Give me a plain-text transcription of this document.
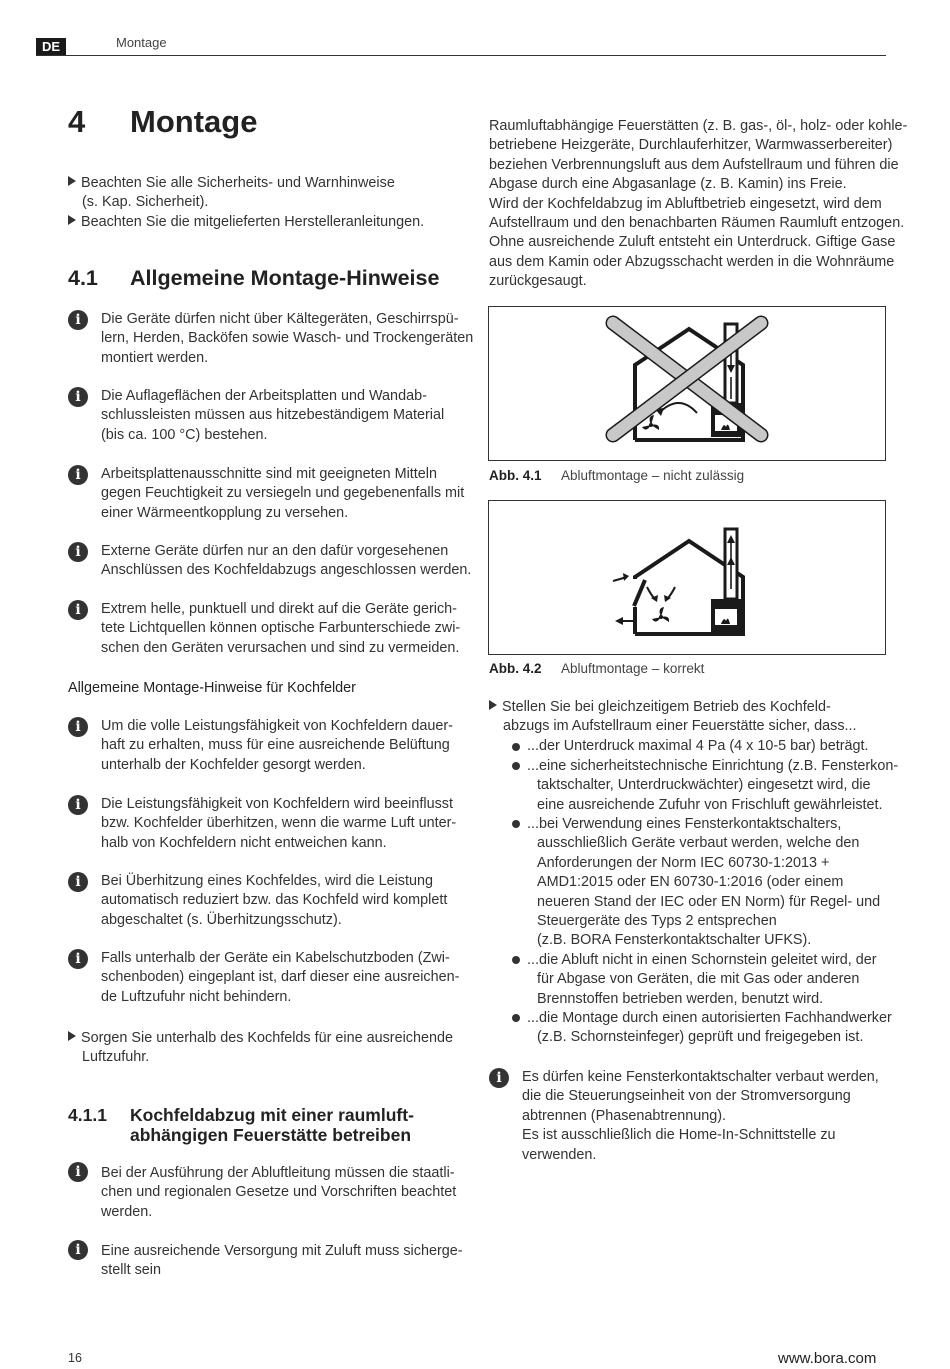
DE	Montage
4 Montage
Beachten Sie alle Sicherheits- und Warnhinweise
(s. Kap. Sicherheit).
Beachten Sie die mitgelieferten Herstelleranleitungen.
4.1 Allgemeine Montage-Hinweise
i	Die Geräte dürfen nicht über Kältegeräten, Geschirrspü-
lern, Herden, Backöfen sowie Wasch- und Trockengeräten
montiert werden.
i	Die Auflageflächen der Arbeitsplatten und Wandab-
schlussleisten müssen aus hitzebeständigem Material
(bis ca. 100 °C) bestehen.
i	Arbeitsplattenausschnitte sind mit geeigneten Mitteln
gegen Feuchtigkeit zu versiegeln und gegebenenfalls mit
einer Wärmeentkopplung zu versehen.
i	Externe Geräte dürfen nur an den dafür vorgesehenen
Anschlüssen des Kochfeldabzugs angeschlossen werden.
i	Extrem helle, punktuell und direkt auf die Geräte gerich-
tete Lichtquellen können optische Farbunterschiede zwi-
schen den Geräten verursachen und sind zu vermeiden.
Allgemeine Montage-Hinweise für Kochfelder
i	Um die volle Leistungsfähigkeit von Kochfeldern dauer-
haft zu erhalten, muss für eine ausreichende Belüftung
unterhalb der Kochfelder gesorgt werden.
i	Die Leistungsfähigkeit von Kochfeldern wird beeinflusst
bzw. Kochfelder überhitzen, wenn die warme Luft unter-
halb von Kochfeldern nicht entweichen kann.
i	Bei Überhitzung eines Kochfeldes, wird die Leistung
automatisch reduziert bzw. das Kochfeld wird komplett
abgeschaltet (s. Überhitzungsschutz).
i	Falls unterhalb der Geräte ein Kabelschutzboden (Zwi-
schenboden) eingeplant ist, darf dieser eine ausreichen-
de Luftzufuhr nicht behindern.
Sorgen Sie unterhalb des Kochfelds für eine ausreichende
Luftzufuhr.
4.1.1 Kochfeldabzug mit einer raumluft-
abhängigen Feuerstätte betreiben
i	Bei der Ausführung der Abluftleitung müssen die staatli-
chen und regionalen Gesetze und Vorschriften beachtet
werden.
i	Eine ausreichende Versorgung mit Zuluft muss sicherge-
stellt sein
Raumluftabhängige Feuerstätten (z. B. gas-, öl-, holz- oder kohle-
betriebene Heizgeräte, Durchlauferhitzer, Warmwasserbereiter)
beziehen Verbrennungsluft aus dem Aufstellraum und führen die
Abgase durch eine Abgasanlage (z. B. Kamin) ins Freie.
Wird der Kochfeldabzug im Abluftbetrieb eingesetzt, wird dem
Aufstellraum und den benachbarten Räumen Raumluft entzogen.
Ohne ausreichende Zuluft entsteht ein Unterdruck. Giftige Gase
aus dem Kamin oder Abzugsschacht werden in die Wohnräume
zurückgesaugt.
Abb. 4.1 Abluftmontage – nicht zulässig
Abb. 4.2 Abluftmontage – korrekt
Stellen Sie bei gleichzeitigem Betrieb des Kochfeld-
abzugs im Aufstellraum einer Feuerstätte sicher, dass...
...der Unterdruck maximal 4 Pa (4 x 10-5 bar) beträgt.
...eine sicherheitstechnische Einrichtung (z.B. Fensterkon-
taktschalter, Unterdruckwächter) eingesetzt wird, die
eine ausreichende Zufuhr von Frischluft gewährleistet.
...bei Verwendung eines Fensterkontaktschalters,
ausschließlich Geräte verbaut werden, welche den
Anforderungen der Norm IEC 60730-1:2013 +
AMD1:2015 oder EN 60730-1:2016 (oder einem
neueren Stand der IEC oder EN Norm) für Regel- und
Steuergeräte des Typs 2 entsprechen
(z.B. BORA Fensterkontaktschalter UFKS).
...die Abluft nicht in einen Schornstein geleitet wird, der
für Abgase von Geräten, die mit Gas oder anderen
Brennstoffen betrieben werden, benutzt wird.
...die Montage durch einen autorisierten Fachhandwerker
(z.B. Schornsteinfeger) geprüft und freigegeben ist.
i	Es dürfen keine Fensterkontaktschalter verbaut werden,
die die Steuerungseinheit von der Stromversorgung
abtrennen (Phasenabtrennung).
Es ist ausschließlich die Home-In-Schnittstelle zu
verwenden.
16	www.bora.com
